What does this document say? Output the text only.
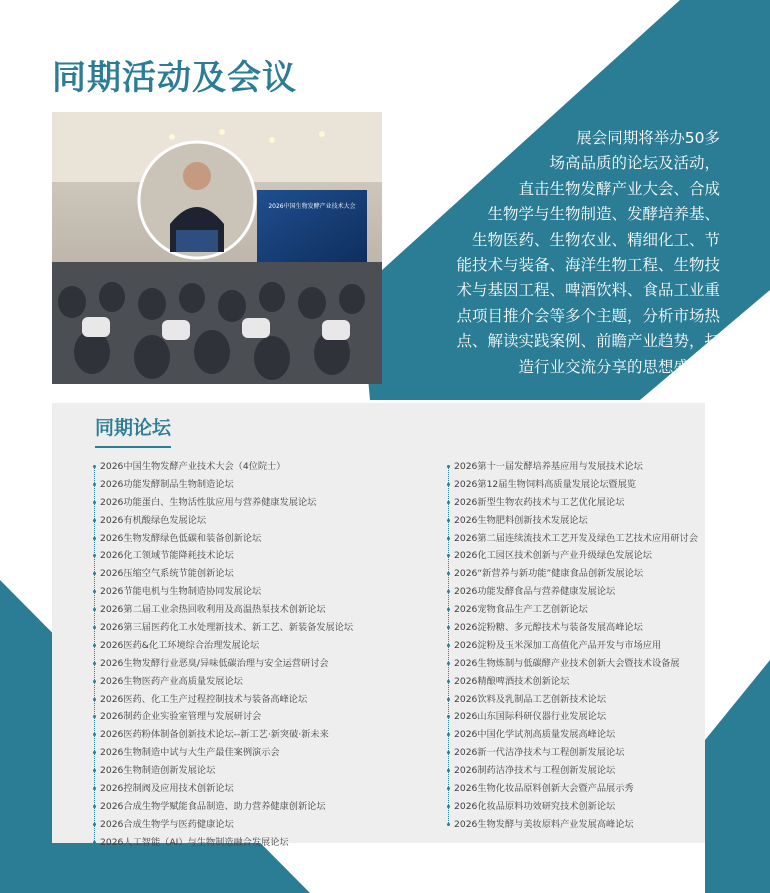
同期活动及会议
2026中国生物发酵产业技术大会
展会同期将举办50多
场高品质的论坛及活动，
直击生物发酵产业大会、合成
生物学与生物制造、发酵培养基、
生物医药、生物农业、精细化工、节
能技术与装备、海洋生物工程、生物技
术与基因工程、啤酒饮料、食品工业重
点项目推介会等多个主题，分析市场热
点、解读实践案例、前瞻产业趋势，打
造行业交流分享的思想盛宴。
同期论坛
2026中国生物发酵产业技术大会（4位院士）
2026功能发酵制品生物制造论坛
2026功能蛋白、生物活性肽应用与营养健康发展论坛
2026有机酸绿色发展论坛
2026生物发酵绿色低碳和装备创新论坛
2026化工领域节能降耗技术论坛
2026压缩空气系统节能创新论坛
2026节能电机与生物制造协同发展论坛
2026第二届工业余热回收利用及高温热泵技术创新论坛
2026第三届医药化工水处理新技术、新工艺、新装备发展论坛
2026医药&化工环境综合治理发展论坛
2026生物发酵行业恶臭/异味低碳治理与安全运营研讨会
2026生物医药产业高质量发展论坛
2026医药、化工生产过程控制技术与装备高峰论坛
2026制药企业实验室管理与发展研讨会
2026医药粉体制备创新技术论坛--新工艺·新突破·新未来
2026生物制造中试与大生产最佳案例演示会
2026生物制造创新发展论坛
2026控制阀及应用技术创新论坛
2026合成生物学赋能食品制造、助力营养健康创新论坛
2026合成生物学与医药健康论坛
2026人工智能（AI）与生物制造融合发展论坛
2026第十一届发酵培养基应用与发展技术论坛
2026第12届生物饲料高质量发展论坛暨展览
2026新型生物农药技术与工艺优化展论坛
2026生物肥料创新技术发展论坛
2026第二届连续流技术工艺开发及绿色工艺技术应用研讨会
2026化工园区技术创新与产业升级绿色发展论坛
2026“新营养与新功能”健康食品创新发展论坛
2026功能发酵食品与营养健康发展论坛
2026宠物食品生产工艺创新论坛
2026淀粉糖、多元醇技术与装备发展高峰论坛
2026淀粉及玉米深加工高值化产品开发与市场应用
2026生物炼制与低碳酵产业技术创新大会暨技术设备展
2026精酿啤酒技术创新论坛
2026饮料及乳制品工艺创新技术论坛
2026山东国际科研仪器行业发展论坛
2026中国化学试剂高质量发展高峰论坛
2026新一代洁净技术与工程创新发展论坛
2026制药洁净技术与工程创新发展论坛
2026生物化妆品原料创新大会暨产品展示秀
2026化妆品原料功效研究技术创新论坛
2026生物发酵与美妆原料产业发展高峰论坛
